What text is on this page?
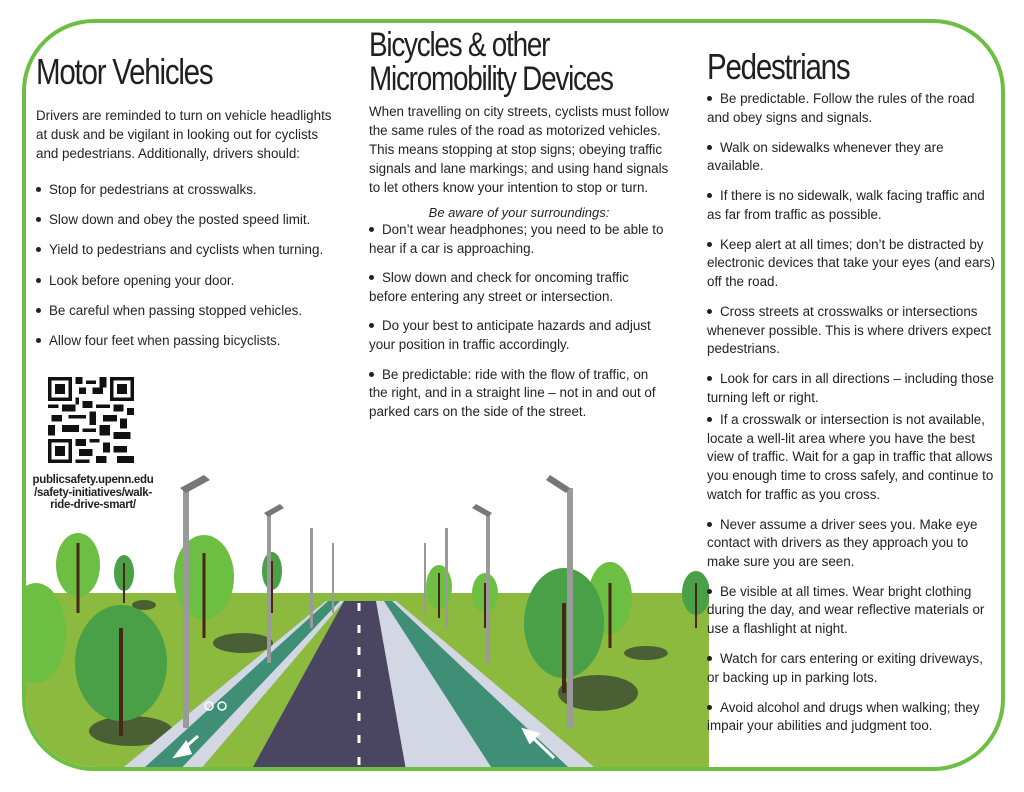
Motor Vehicles

Drivers are reminded to turn on vehicle headlights at dusk and be vigilant in looking out for cyclists and pedestrians. Additionally, drivers should:

Stop for pedestrians at crosswalks.
Slow down and obey the posted speed limit.
Yield to pedestrians and cyclists when turning.
Look before opening your door.
Be careful when passing stopped vehicles.
Allow four feet when passing bicyclists.
publicsafety.upenn.edu /safety-initiatives/walk-ride-drive-smart/
Bicycles & other
Micromobility Devices

When travelling on city streets, cyclists must follow the same rules of the road as motorized vehicles. This means stopping at stop signs; obeying traffic signals and lane markings; and using hand signals to let others know your intention to stop or turn.

Be aware of your surroundings:
Don’t wear headphones; you need to be able to hear if a car is approaching.
Slow down and check for oncoming traffic before entering any street or intersection.
Do your best to anticipate hazards and adjust your position in traffic accordingly.
Be predictable: ride with the flow of traffic, on the right, and in a straight line – not in and out of parked cars on the side of the street.
Pedestrians
Be predictable. Follow the rules of the road and obey signs and signals.
Walk on sidewalks whenever they are available.
If there is no sidewalk, walk facing traffic and as far from traffic as possible.
Keep alert at all times; don’t be distracted by electronic devices that take your eyes (and ears) off the road.
Cross streets at crosswalks or intersections whenever possible. This is where drivers expect pedestrians.
Look for cars in all directions – including those turning left or right.
If a crosswalk or intersection is not available, locate a well-lit area where you have the best view of traffic. Wait for a gap in traffic that allows you enough time to cross safely, and continue to watch for traffic as you cross.
Never assume a driver sees you. Make eye contact with drivers as they approach you to make sure you are seen.
Be visible at all times. Wear bright clothing during the day, and wear reflective materials or use a flashlight at night.
Watch for cars entering or exiting driveways, or backing up in parking lots.
Avoid alcohol and drugs when walking; they impair your abilities and judgment too.
